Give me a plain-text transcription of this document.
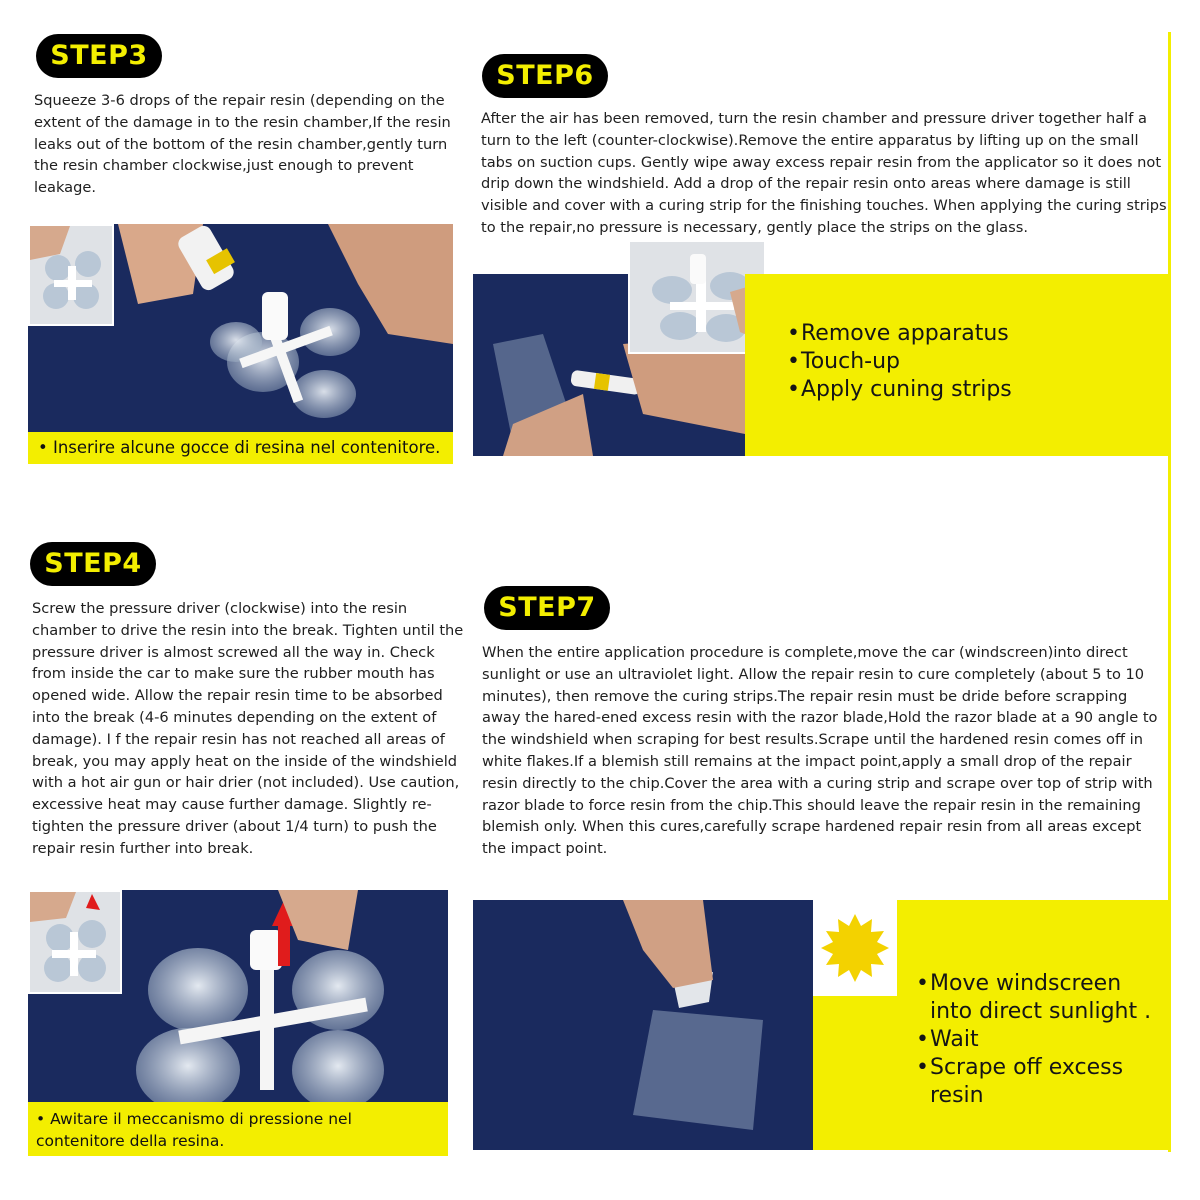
STEP3
Squeeze 3-6 drops of the repair resin (depending on the extent of the damage in to the resin chamber,If the resin leaks out of the bottom of the resin chamber,gently turn the resin chamber clockwise,just enough to prevent leakage.
• Inserire alcune gocce di resina nel contenitore.
STEP6
After the air has been removed, turn the resin chamber and pressure driver together half a turn to the left (counter-clockwise).Remove the entire apparatus by lifting up on the small tabs on suction cups. Gently wipe away excess repair resin from the applicator so it does not drip down the windshield. Add a drop of the repair resin onto areas where damage is still visible and cover with a curing strip for the finishing touches. When applying the curing strips to the repair,no pressure is necessary, gently place the strips on the glass.
• Remove apparatus
• Touch-up
• Apply cuning strips
STEP4
Screw the pressure driver (clockwise) into the resin chamber to drive the resin into the break. Tighten until the pressure driver is almost screwed all the way in. Check from inside the car to make sure the rubber mouth has opened wide. Allow the repair resin time to be absorbed into the break (4-6 minutes depending on the extent of damage). I f the repair resin has not reached all areas of break, you may apply heat on the inside of the windshield with a hot air gun or hair drier (not included). Use caution, excessive heat may cause further damage. Slightly re-tighten the pressure driver (about 1/4 turn) to push the repair resin further into break.
• Awitare il meccanismo di pressione nel contenitore della resina.
STEP7
When the entire application procedure is complete,move the car (windscreen)into direct sunlight or use an ultraviolet light. Allow the repair resin to cure completely (about 5 to 10 minutes), then remove the curing strips.The repair resin must be dride before scrapping away the hared-ened excess resin with the razor blade,Hold the razor blade at a 90 angle to the windshield when scraping for best results.Scrape until the hardened resin comes off in white flakes.If a blemish still remains at the impact point,apply a small drop of the repair resin directly to the chip.Cover the area with a curing strip and scrape over top of strip with razor blade to force resin from the chip.This should leave the repair resin in the remaining blemish only. When this cures,carefully scrape hardened repair resin from all areas except the impact point.
• Move windscreen into direct sunlight .
• Wait
• Scrape off excess resin
